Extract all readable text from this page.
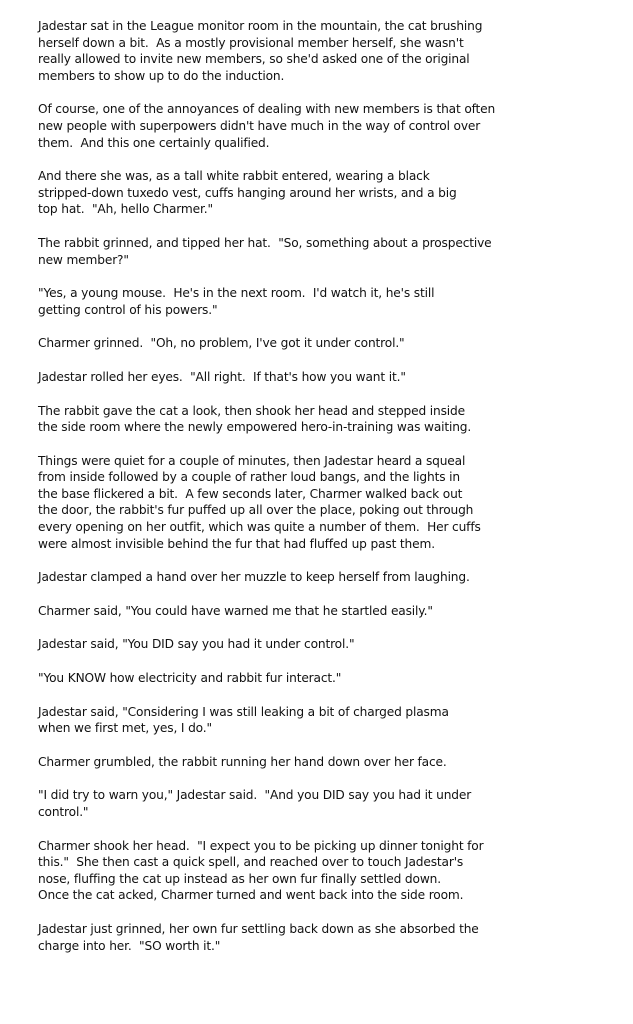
Jadestar sat in the League monitor room in the mountain, the cat brushing
herself down a bit.  As a mostly provisional member herself, she wasn't
really allowed to invite new members, so she'd asked one of the original
members to show up to do the induction.

Of course, one of the annoyances of dealing with new members is that often
new people with superpowers didn't have much in the way of control over
them.  And this one certainly qualified.

And there she was, as a tall white rabbit entered, wearing a black
stripped-down tuxedo vest, cuffs hanging around her wrists, and a big
top hat.  "Ah, hello Charmer."

The rabbit grinned, and tipped her hat.  "So, something about a prospective
new member?"

"Yes, a young mouse.  He's in the next room.  I'd watch it, he's still
getting control of his powers."

Charmer grinned.  "Oh, no problem, I've got it under control."

Jadestar rolled her eyes.  "All right.  If that's how you want it."

The rabbit gave the cat a look, then shook her head and stepped inside
the side room where the newly empowered hero-in-training was waiting.

Things were quiet for a couple of minutes, then Jadestar heard a squeal
from inside followed by a couple of rather loud bangs, and the lights in
the base flickered a bit.  A few seconds later, Charmer walked back out
the door, the rabbit's fur puffed up all over the place, poking out through
every opening on her outfit, which was quite a number of them.  Her cuffs
were almost invisible behind the fur that had fluffed up past them.

Jadestar clamped a hand over her muzzle to keep herself from laughing.

Charmer said, "You could have warned me that he startled easily."

Jadestar said, "You DID say you had it under control."

"You KNOW how electricity and rabbit fur interact."

Jadestar said, "Considering I was still leaking a bit of charged plasma
when we first met, yes, I do."

Charmer grumbled, the rabbit running her hand down over her face.

"I did try to warn you," Jadestar said.  "And you DID say you had it under
control."

Charmer shook her head.  "I expect you to be picking up dinner tonight for
this."  She then cast a quick spell, and reached over to touch Jadestar's
nose, fluffing the cat up instead as her own fur finally settled down.
Once the cat acked, Charmer turned and went back into the side room.

Jadestar just grinned, her own fur settling back down as she absorbed the
charge into her.  "SO worth it."
